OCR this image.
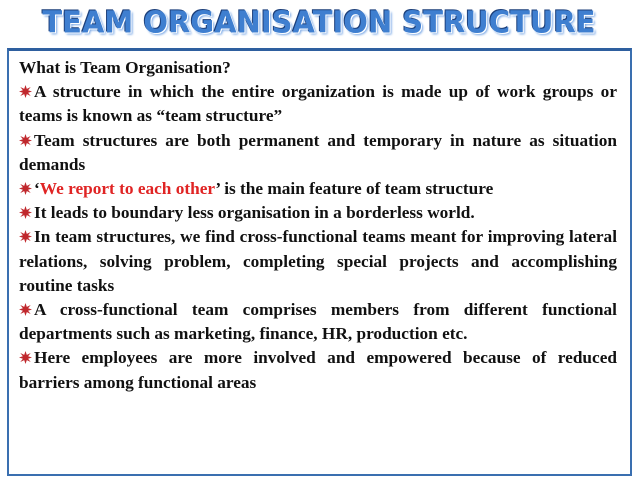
TEAM ORGANISATION STRUCTURE

What is Team Organisation?

A structure in which the entire organization is made up of work groups or teams is known as “team structure”

Team structures are both permanent and temporary in nature as situation demands

‘We report to each other’ is the main feature of team structure

It leads to boundary less organisation in a borderless world.

In team structures, we find cross-functional teams meant for improving lateral relations, solving problem, completing special projects and accomplishing routine tasks

A cross-functional team comprises members from different functional departments such as marketing, finance, HR, production etc.

Here employees are more involved and empowered because of reduced barriers among functional areas
